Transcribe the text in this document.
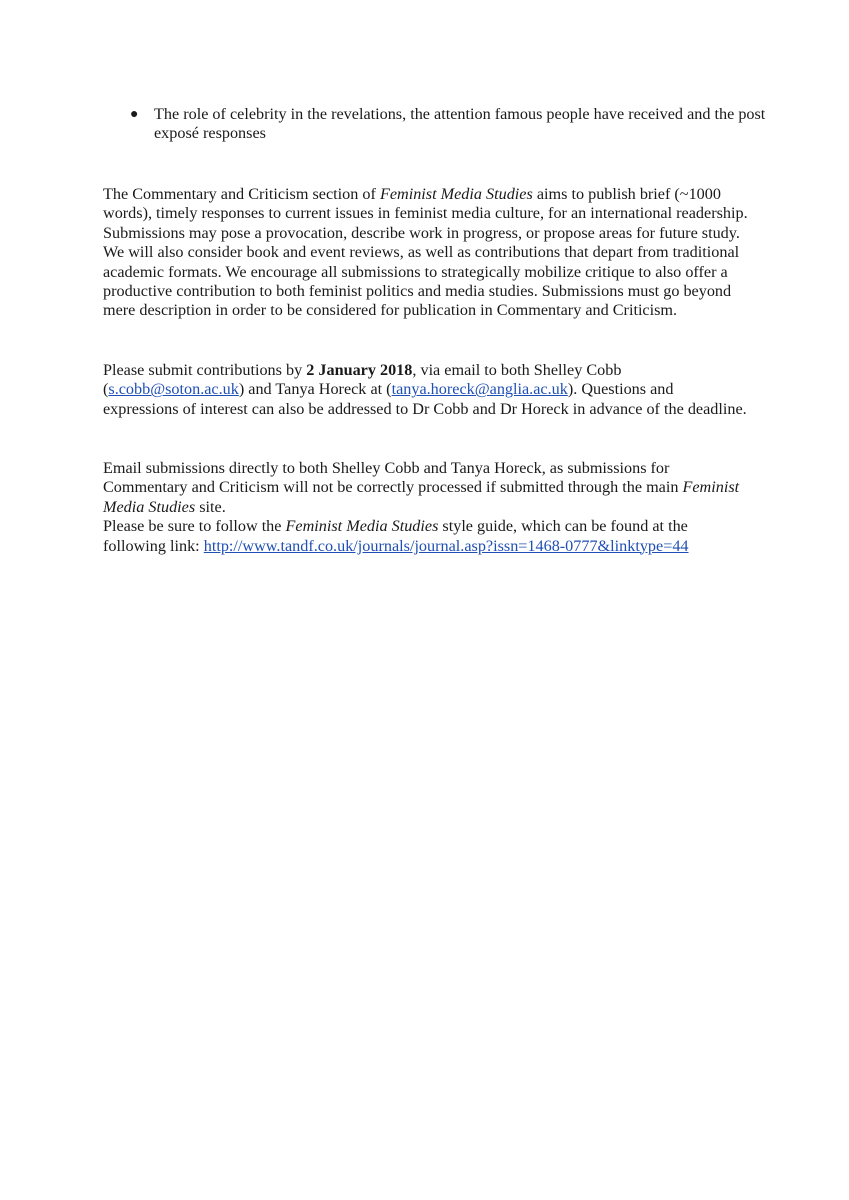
● The role of celebrity in the revelations, the attention famous people have received and the post exposé responses

The Commentary and Criticism section of Feminist Media Studies aims to publish brief (~1000 words), timely responses to current issues in feminist media culture, for an international readership. Submissions may pose a provocation, describe work in progress, or propose areas for future study. We will also consider book and event reviews, as well as contributions that depart from traditional academic formats. We encourage all submissions to strategically mobilize critique to also offer a productive contribution to both feminist politics and media studies. Submissions must go beyond mere description in order to be considered for publication in Commentary and Criticism.

Please submit contributions by 2 January 2018, via email to both Shelley Cobb (s.cobb@soton.ac.uk) and Tanya Horeck at (tanya.horeck@anglia.ac.uk). Questions and expressions of interest can also be addressed to Dr Cobb and Dr Horeck in advance of the deadline.

Email submissions directly to both Shelley Cobb and Tanya Horeck, as submissions for Commentary and Criticism will not be correctly processed if submitted through the main Feminist Media Studies site.
Please be sure to follow the Feminist Media Studies style guide, which can be found at the following link: http://www.tandf.co.uk/journals/journal.asp?issn=1468-0777&linktype=44
